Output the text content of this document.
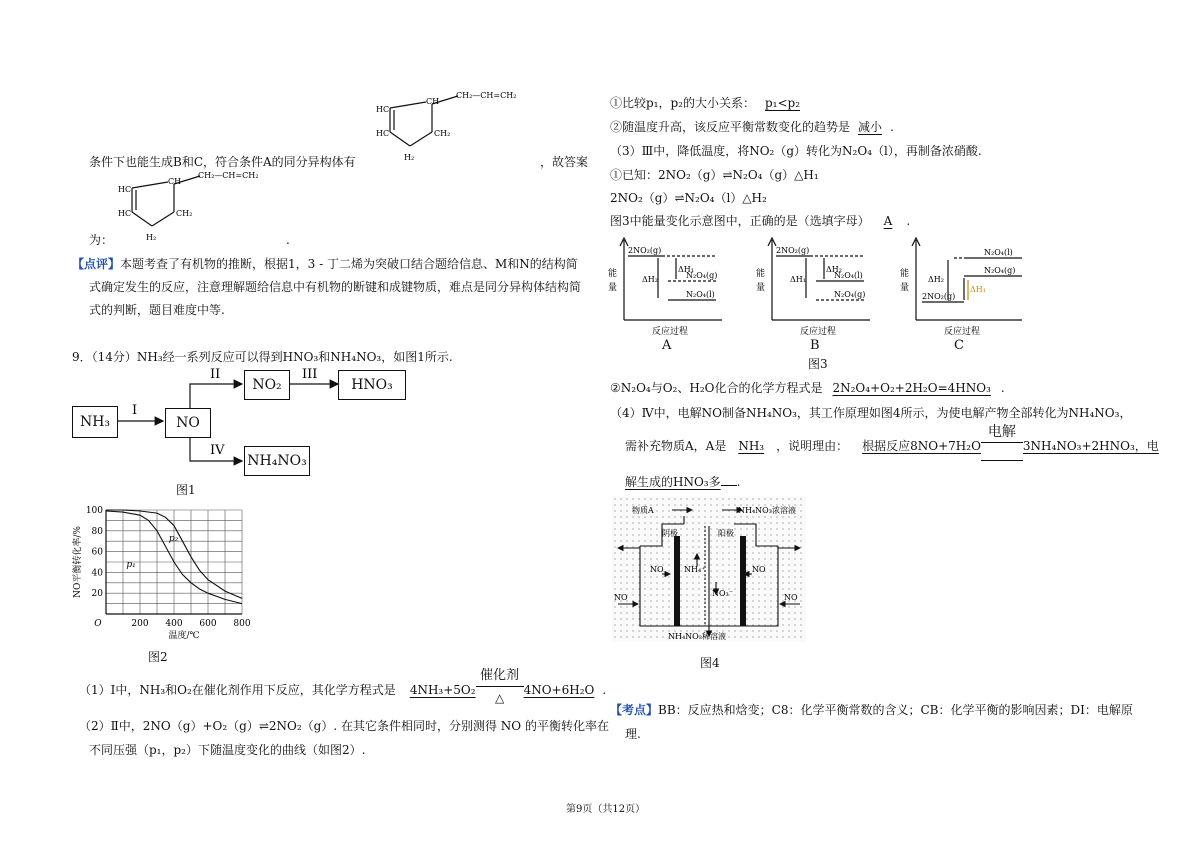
CH
CH₂—CH=CH₂
HC
HC	CH₂
H₂
条件下也能生成B和C，符合条件A的同分异构体有	，故答案
CH
CH₂—CH=CH₂
HC
HC	CH₂
H₂
为：	.
【点评】本题考查了有机物的推断，根据1，3 - 丁二烯为突破口结合题给信息、M和N的结构简
式确定发生的反应，注意理解题给信息中有机物的断键和成键物质，难点是同分异构体结构简
式的判断，题目难度中等.
9．（14分）NH₃经一系列反应可以得到HNO₃和NH₄NO₃，如图1所示.
I
II	III
IV
NH₃	NO
NO₂	HNO₃
NH₄NO₃
图1
200 400 600 800
20
40
60
80
100
O
温度/℃
NO平衡转化率/%	p₁
p₂
图2
（1）Ⅰ中，NH₃和O₂在催化剂作用下反应，其化学方程式是 4NH₃+5O₂
催化剂
△
4NO+6H₂O .
（2）Ⅱ中，2NO（g）+O₂（g）⇌2NO₂（g）. 在其它条件相同时，分别测得 NO 的平衡转化率在
不同压强（p₁，p₂）下随温度变化的曲线（如图2）.
①比较p₁，p₂的大小关系： p₁<p₂
②随温度升高，该反应平衡常数变化的趋势是 减小 .
（3）Ⅲ中，降低温度，将NO₂（g）转化为N₂O₄（l），再制备浓硝酸.
①已知：2NO₂（g）⇌N₂O₄（g）△H₁
2NO₂（g）⇌N₂O₄（l）△H₂
图3中能量变化示意图中，正确的是（选填字母） A .
2NO₂(g)
N₂O₄(g)
N₂O₄(l)
ΔH₂
ΔH₁
能
量
反应过程
A
2NO₂(g)
N₂O₄(l)
N₂O₄(g)
ΔH₁
ΔH₂
能
量
反应过程
B
N₂O₄(l)
N₂O₄(g)
2NO₂(g)
ΔH₂
ΔH₁
能
量
反应过程
C
图3
②N₂O₄与O₂、H₂O化合的化学方程式是 2N₂O₄+O₂+2H₂O=4HNO₃ .
（4）Ⅳ中，电解NO制备NH₄NO₃，其工作原理如图4所示，为使电解产物全部转化为NH₄NO₃，
需补充物质A，A是 NH₃ ，说明理由： 根据反应8NO+7H₂O
电解
3NH₄NO₃+2HNO₃，电
解生成的HNO₃多 .
物质A	NH₄NO₃浓溶液
阴极	阳极
NO	NH₄⁺
NO₃⁻
NO
NO	NO
NH₄NO₃稀溶液
图4
【考点】BB：反应热和焓变；C8：化学平衡常数的含义；CB：化学平衡的影响因素；DI：电解原
理.
第9页（共12页）
